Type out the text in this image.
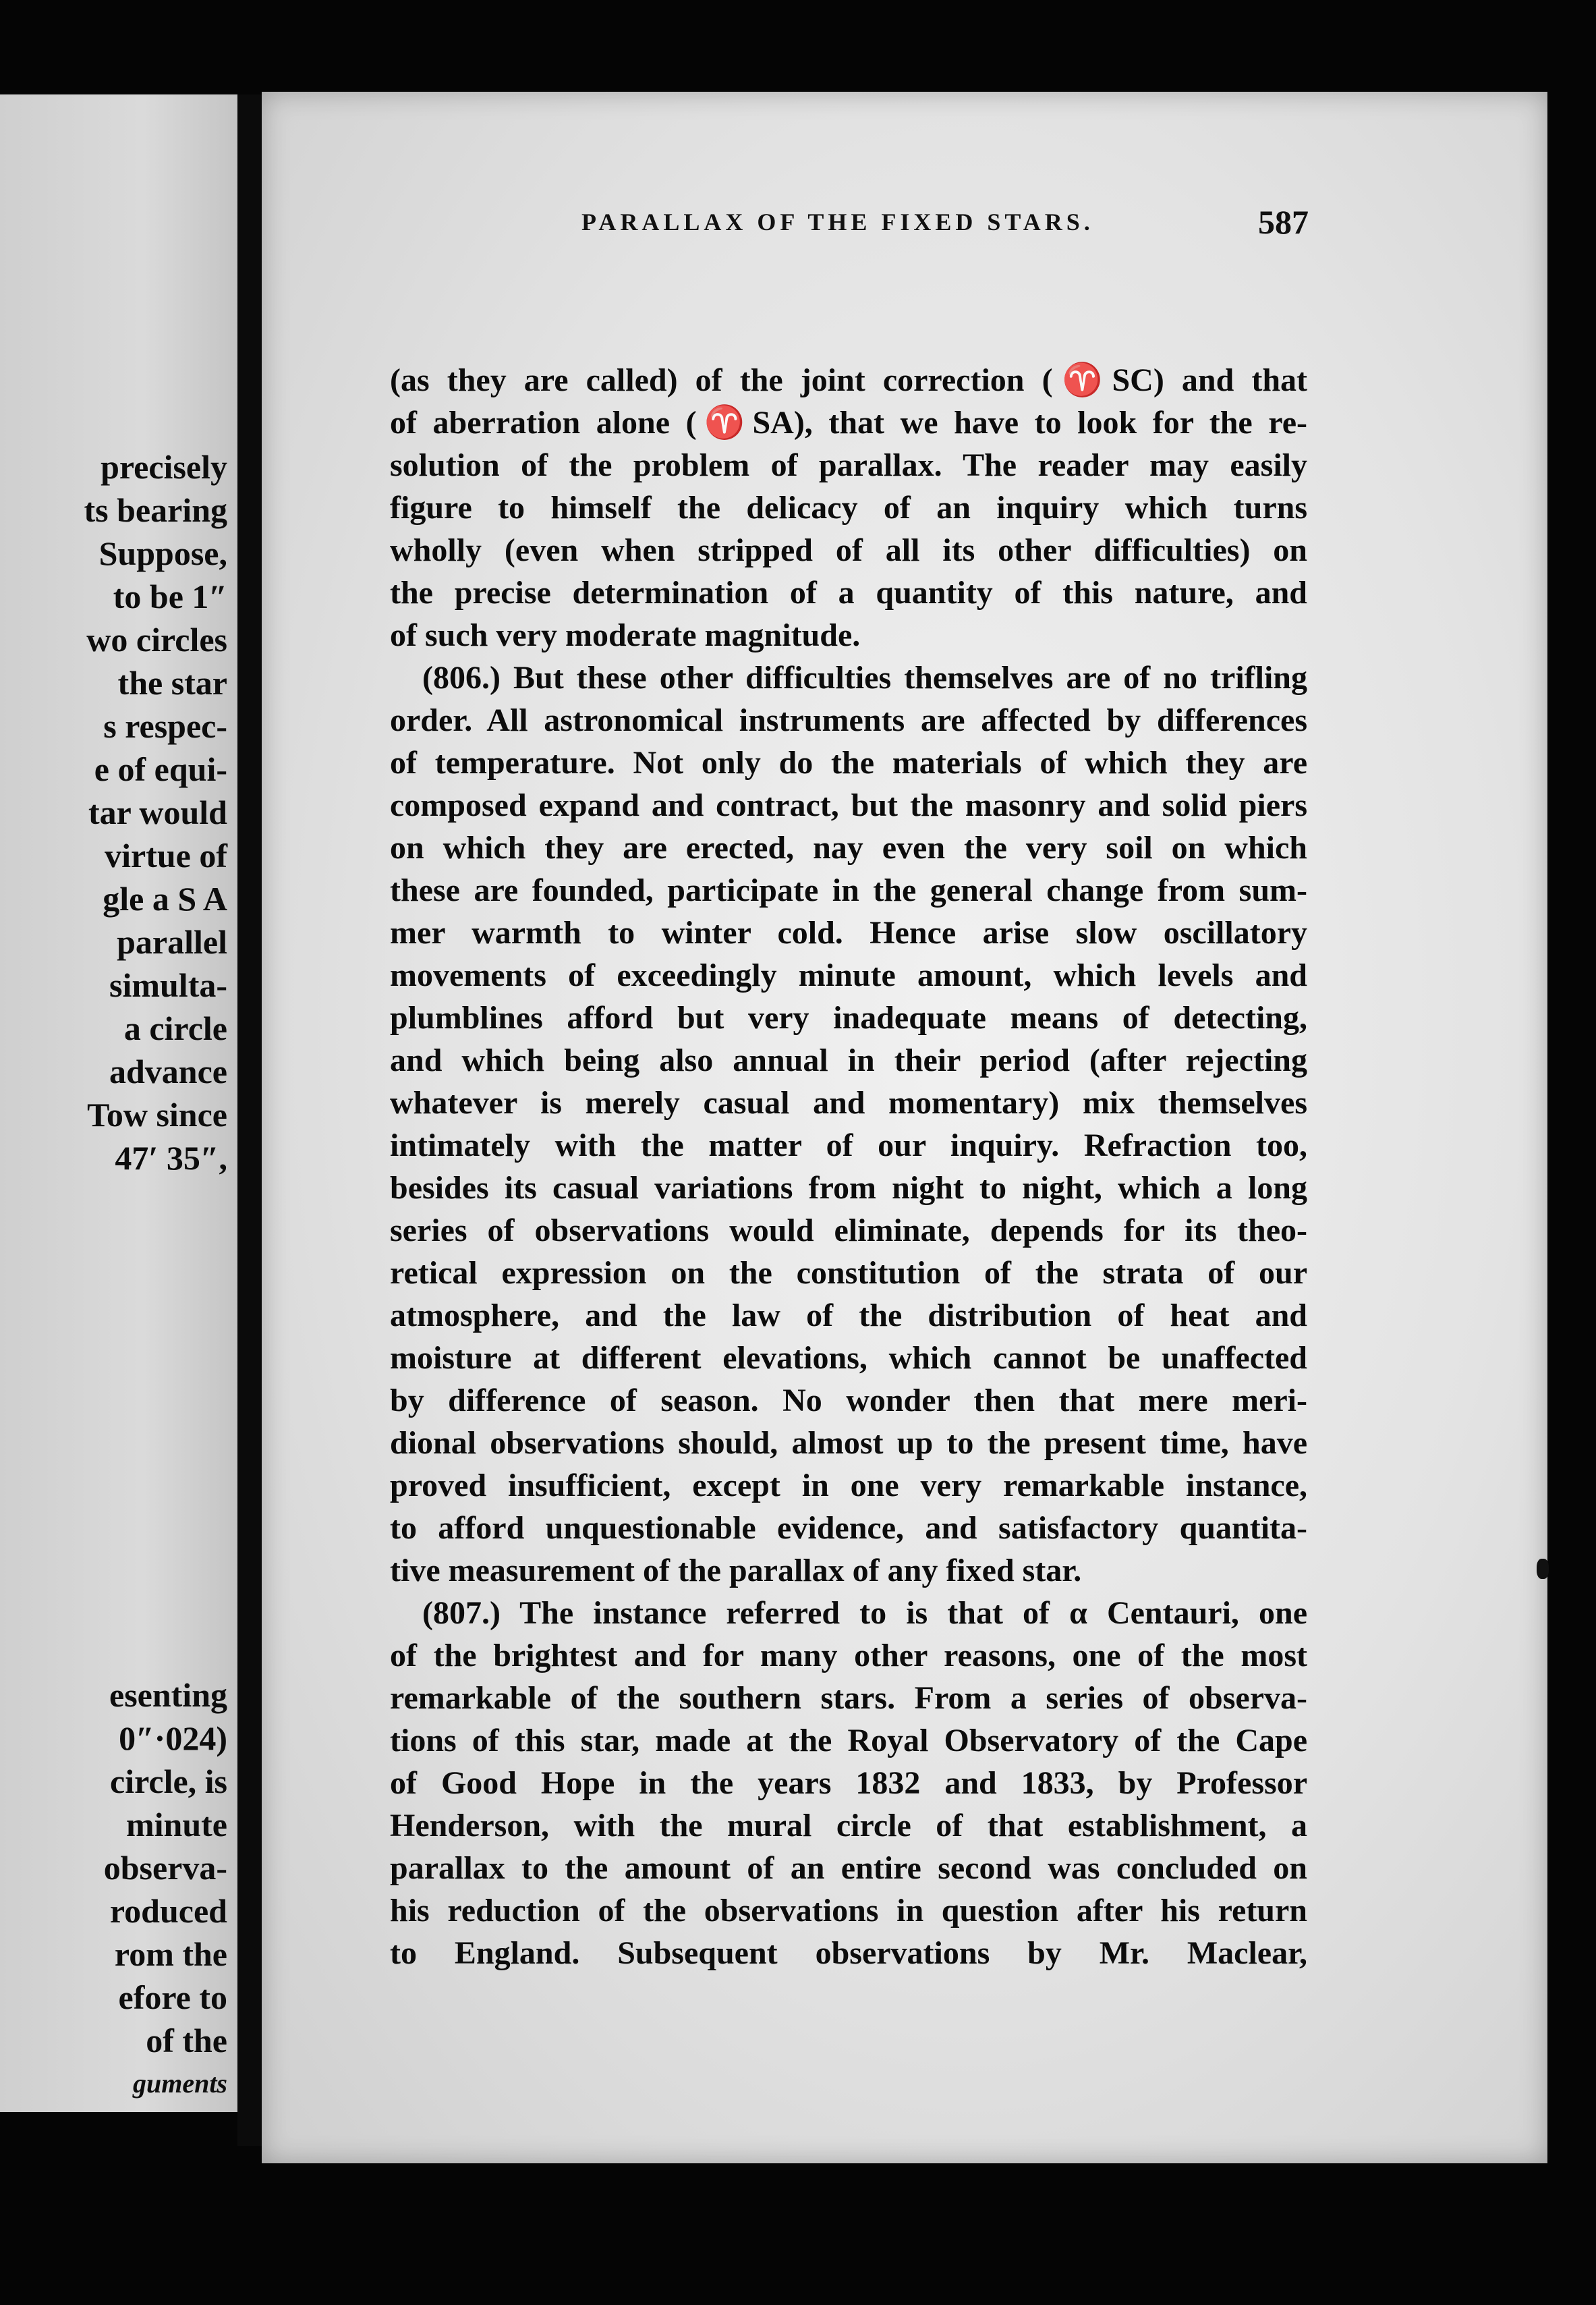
precisely
ts bearing
Suppose,
to be 1″
wo circles
the star
s respec-
e of equi-
tar would
virtue of
gle a S A
parallel
simulta-
a circle
advance
Tow since
47′ 35″,
esenting
0″·024)
circle, is
minute
observa-
roduced
rom the
efore to
of the
guments
PARALLAX OF THE FIXED STARS.	587
(as they are called) of the joint correction (♈SC) and that
of aberration alone (♈SA), that we have to look for the re-
solution of the problem of parallax. The reader may easily
figure to himself the delicacy of an inquiry which turns
wholly (even when stripped of all its other difficulties) on
the precise determination of a quantity of this nature, and
of such very moderate magnitude.
(806.) But these other difficulties themselves are of no trifling
order. All astronomical instruments are affected by differences
of temperature. Not only do the materials of which they are
composed expand and contract, but the masonry and solid piers
on which they are erected, nay even the very soil on which
these are founded, participate in the general change from sum-
mer warmth to winter cold. Hence arise slow oscillatory
movements of exceedingly minute amount, which levels and
plumblines afford but very inadequate means of detecting,
and which being also annual in their period (after rejecting
whatever is merely casual and momentary) mix themselves
intimately with the matter of our inquiry. Refraction too,
besides its casual variations from night to night, which a long
series of observations would eliminate, depends for its theo-
retical expression on the constitution of the strata of our
atmosphere, and the law of the distribution of heat and
moisture at different elevations, which cannot be unaffected
by difference of season. No wonder then that mere meri-
dional observations should, almost up to the present time, have
proved insufficient, except in one very remarkable instance,
to afford unquestionable evidence, and satisfactory quantita-
tive measurement of the parallax of any fixed star.
(807.) The instance referred to is that of α Centauri, one
of the brightest and for many other reasons, one of the most
remarkable of the southern stars. From a series of observa-
tions of this star, made at the Royal Observatory of the Cape
of Good Hope in the years 1832 and 1833, by Professor
Henderson, with the mural circle of that establishment, a
parallax to the amount of an entire second was concluded on
his reduction of the observations in question after his return
to England. Subsequent observations by Mr. Maclear,
